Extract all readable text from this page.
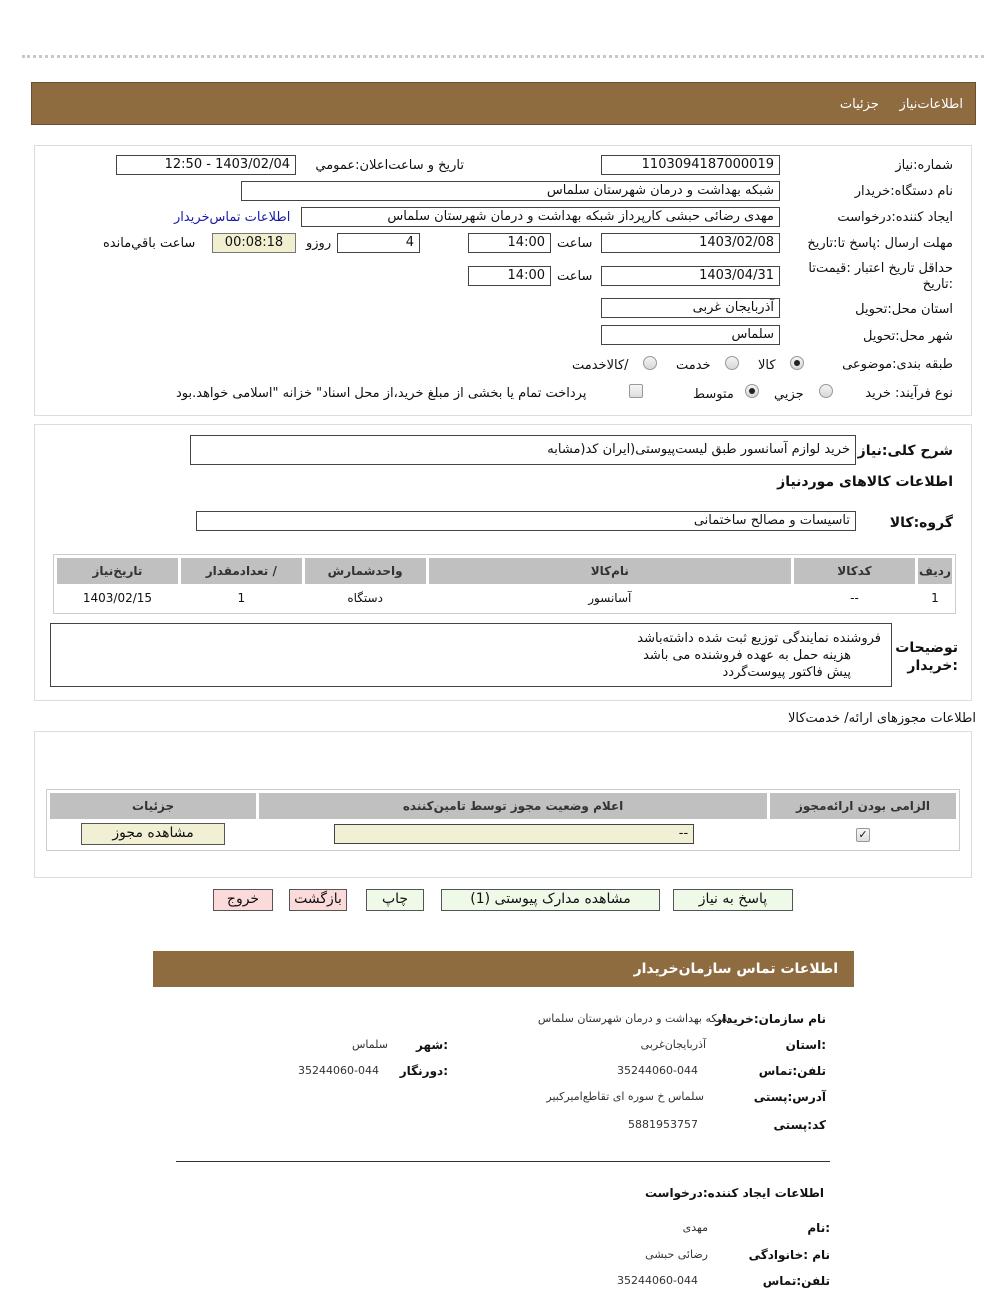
اطلاعات‌نیاز     جزئیات
شماره:نیاز
1103094187000019
تاریخ و ساعت‌اعلان:عمومي
1403/02/04 - 12:50
نام دستگاه:خریدار
شبکه بهداشت و درمان شهرستان سلماس
ایجاد کننده:درخواست
مهدی رضائی حبشی کارپرداز شبکه بهداشت و درمان شهرستان سلماس
اطلاعات تماس‌خریدار
مهلت ارسال :پاسخ تا:تاریخ
1403/02/08
ساعت
14:00
4
روزو
00:08:18
ساعت باقي‌مانده
حداقل تاریخ اعتبار :قیمت‌تا
:تاریخ
1403/04/31
ساعت
14:00
استان محل:تحویل
آذربایجان غربی
شهر محل:تحویل
سلماس
طبقه بندی:موضوعی
کالا
خدمت
/کالاخدمت
نوع فرآیند: خرید
جزيي
متوسط
پرداخت تمام یا بخشی از مبلغ خرید،از محل اسناد" خزانه "اسلامی خواهد.بود
شرح کلی:نیاز
خرید لوازم آسانسور طبق لیست‌پیوستی(ایران کد(مشابه
اطلاعات کالاهای موردنیاز
گروه:کالا
تاسیسات و مصالح ساختمانی
ردیف	کدکالا	نام‌کالا	واحدشمارش	/ تعدادمقدار	تاریخ‌نیاز
1	--	آسانسور	دستگاه	1	1403/02/15
توضیحات
:خریدار
فروشنده نمایندگی توزیع ثبت شده داشته‌باشد
هزینه حمل به عهده فروشنده می باشد
پیش فاکتور پیوست‌گردد
اطلاعات مجوزهای ارائه/ خدمت‌کالا
الزامی بودن ارائه‌مجوز	اعلام وضعیت مجوز توسط تامین‌کننده	جزئیات
✓	--	مشاهده مجوز
پاسخ به نیاز
مشاهده مدارک پیوستی (1)
چاپ
بازگشت
خروج
اطلاعات تماس سازمان‌خریدار
نام سازمان:خریدار
شبکه بهداشت و درمان شهرستان سلماس
:استان
آذربایجان‌غربی
:شهر
سلماس
تلفن:تماس
35244060-044
:دورنگار
35244060-044
آدرس:پستی
سلماس خ سوره ای تقاطع‌امیرکبیر
کد:پستی
5881953757
اطلاعات ایجاد کننده:درخواست
:نام
مهدی
نام :خانوادگی
رضائی حبشی
تلفن:تماس
35244060-044
